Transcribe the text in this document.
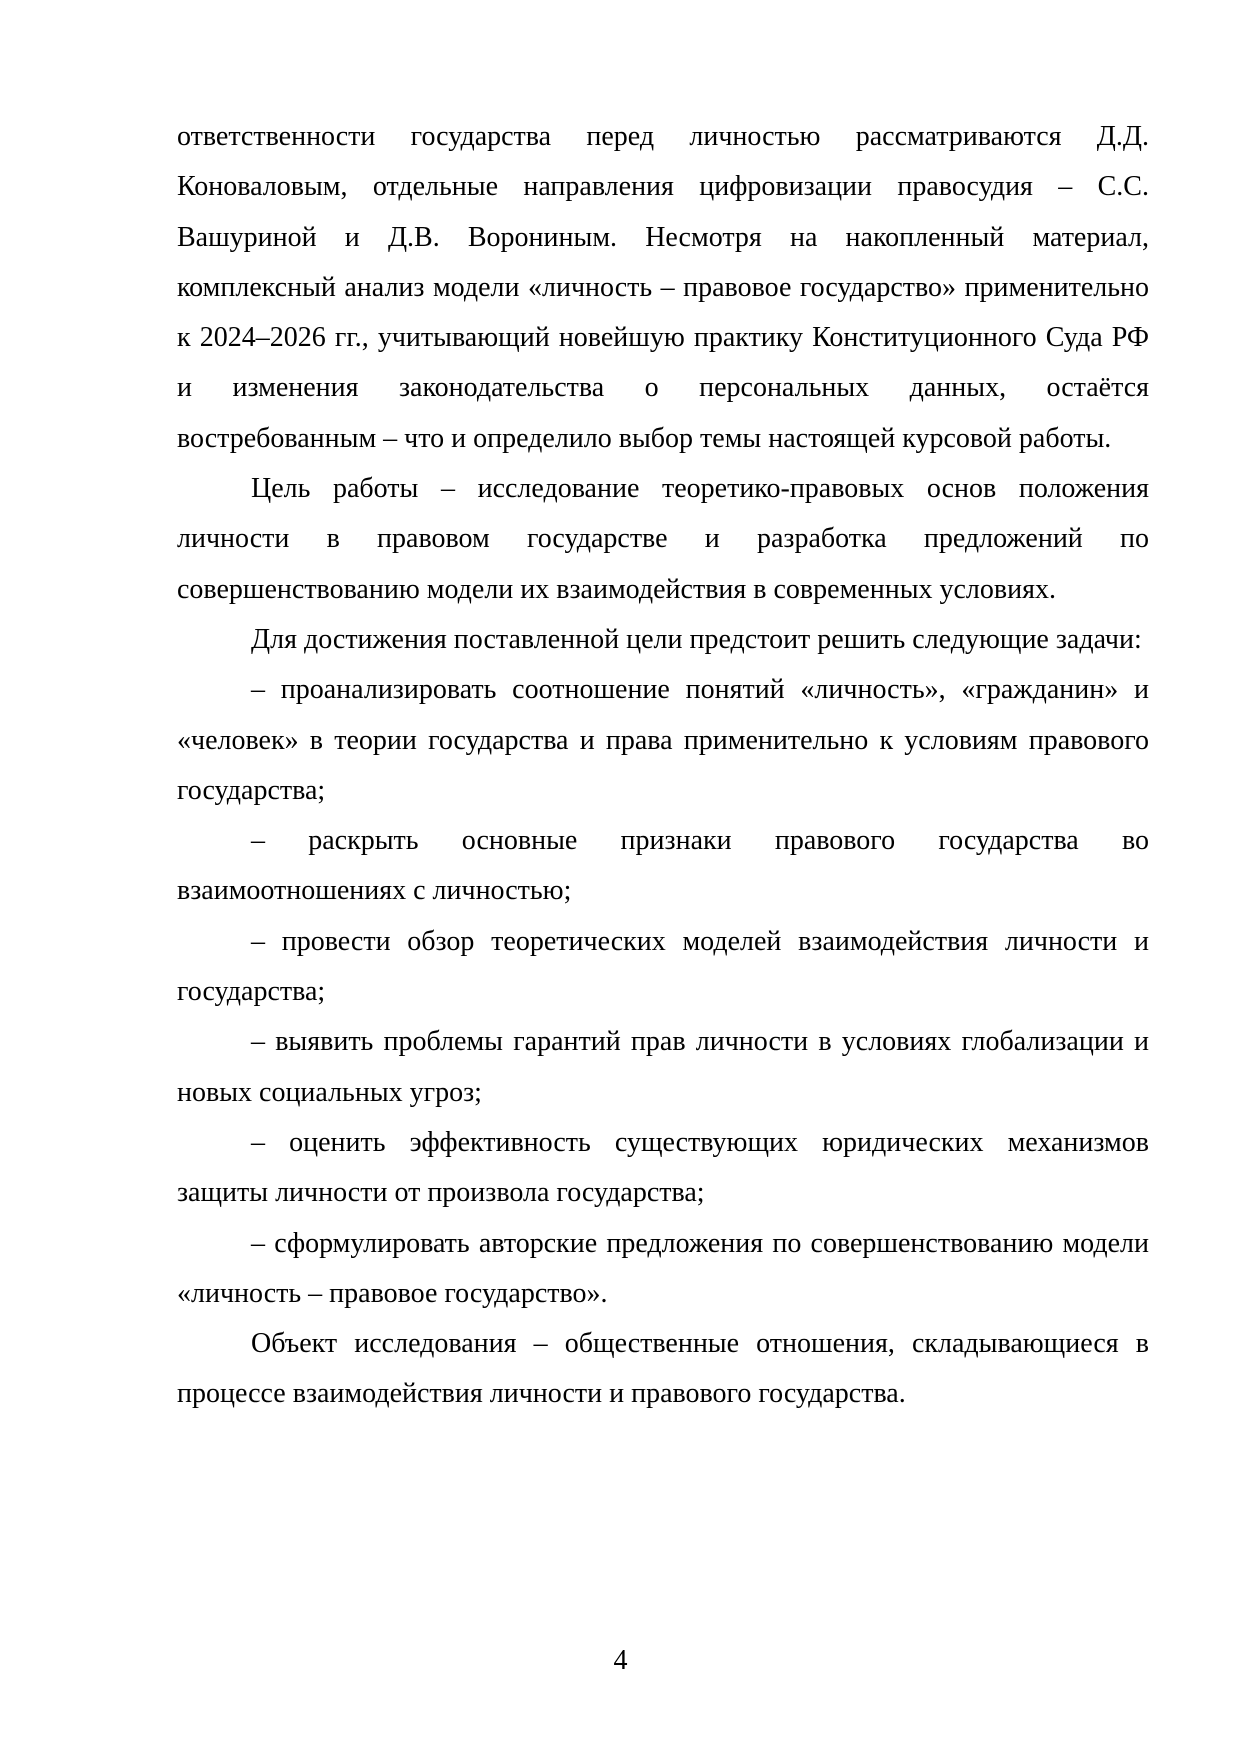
ответственности государства перед личностью рассматриваются Д.Д. Коноваловым, отдельные направления цифровизации правосудия – С.С. Вашуриной и Д.В. Ворониным. Несмотря на накопленный материал, комплексный анализ модели «личность – правовое государство» применительно к 2024–2026 гг., учитывающий новейшую практику Конституционного Суда РФ и изменения законодательства о персональных данных, остаётся востребованным – что и определило выбор темы настоящей курсовой работы.

Цель работы – исследование теоретико-правовых основ положения личности в правовом государстве и разработка предложений по совершенствованию модели их взаимодействия в современных условиях.

Для достижения поставленной цели предстоит решить следующие задачи:

– проанализировать соотношение понятий «личность», «гражданин» и «человек» в теории государства и права применительно к условиям правового государства;

– раскрыть основные признаки правового государства во взаимоотношениях с личностью;

– провести обзор теоретических моделей взаимодействия личности и государства;

– выявить проблемы гарантий прав личности в условиях глобализации и новых социальных угроз;

– оценить эффективность существующих юридических механизмов защиты личности от произвола государства;

– сформулировать авторские предложения по совершенствованию модели «личность – правовое государство».

Объект исследования – общественные отношения, складывающиеся в процессе взаимодействия личности и правового государства.

4
